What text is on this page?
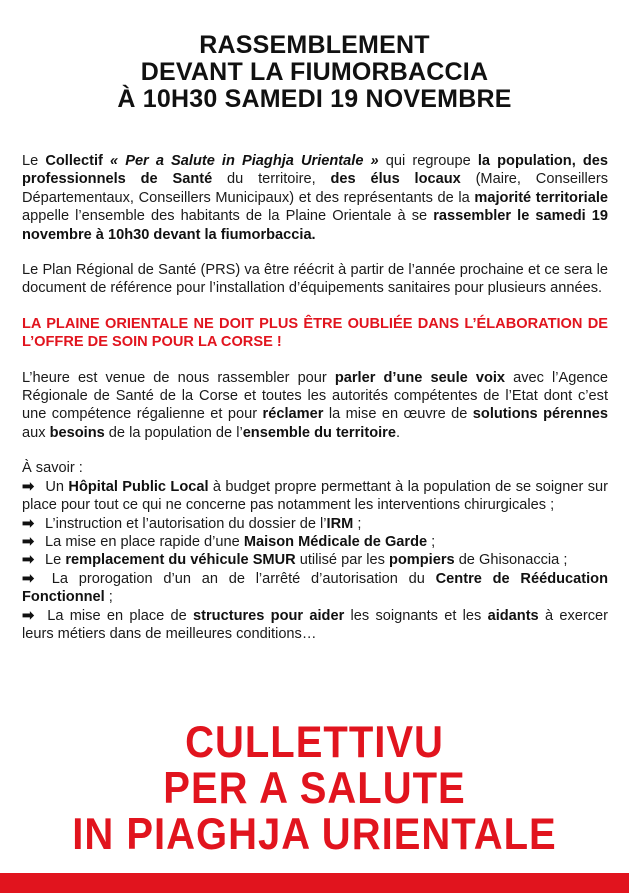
RASSEMBLEMENT
DEVANT LA FIUMORBACCIA
À 10H30 SAMEDI 19 NOVEMBRE

Le Collectif « Per a Salute in Piaghja Urientale » qui regroupe la population, des professionnels de Santé du territoire, des élus locaux (Maire, Conseillers Départementaux, Conseillers Municipaux) et des représentants de la majorité territoriale appelle l’ensemble des habitants de la Plaine Orientale à se rassembler le samedi 19 novembre à 10h30 devant la fiumorbaccia.

Le Plan Régional de Santé (PRS) va être réécrit à partir de l’année prochaine et ce sera le document de référence pour l’installation d’équipements sanitaires pour plusieurs années.

LA PLAINE ORIENTALE NE DOIT PLUS ÊTRE OUBLIÉE DANS L’ÉLABORATION DE L’OFFRE DE SOIN POUR LA CORSE !

L’heure est venue de nous rassembler pour parler d’une seule voix avec l’Agence Régionale de Santé de la Corse et toutes les autorités compétentes de l’Etat dont c’est une compétence régalienne et pour réclamer la mise en œuvre de solutions pérennes aux besoins de la population de l’ensemble du territoire.

À savoir :
➡ Un Hôpital Public Local à budget propre permettant à la population de se soigner sur place pour tout ce qui ne concerne pas notamment les interventions chirurgicales ;
➡ L’instruction et l’autorisation du dossier de l’IRM ;
➡ La mise en place rapide d’une Maison Médicale de Garde ;
➡ Le remplacement du véhicule SMUR utilisé par les pompiers de Ghisonaccia ;
➡ La prorogation d’un an de l’arrêté d’autorisation du Centre de Rééducation Fonctionnel ;
➡ La mise en place de structures pour aider les soignants et les aidants à exercer leurs métiers dans de meilleures conditions…
CULLETTIVU
PER A SALUTE
IN PIAGHJA URIENTALE
